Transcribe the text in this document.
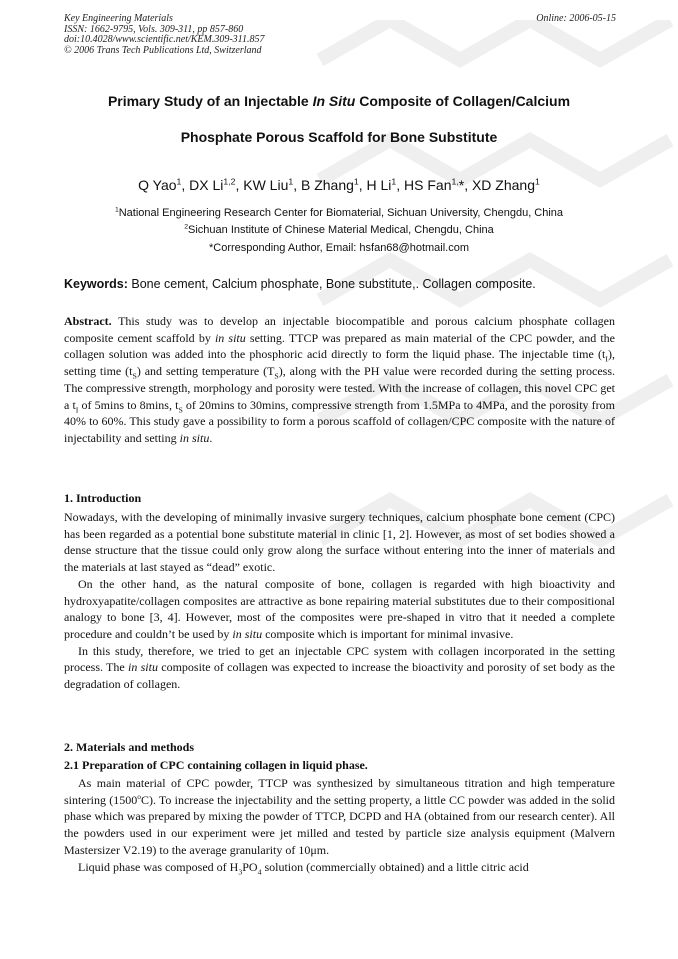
Key Engineering Materials
ISSN: 1662-9795, Vols. 309-311, pp 857-860
doi:10.4028/www.scientific.net/KEM.309-311.857
© 2006 Trans Tech Publications Ltd, Switzerland
Online: 2006-05-15
Primary Study of an Injectable In Situ Composite of Collagen/Calcium
Phosphate Porous Scaffold for Bone Substitute
Q Yao$^1$, DX Li$^{1,2}$, KW Liu$^1$, B Zhang$^1$, H Li$^1$, HS Fan$^{1,}$*, XD Zhang$^1$
$^1$National Engineering Research Center for Biomaterial, Sichuan University, Chengdu, China
$^2$Sichuan Institute of Chinese Material Medical, Chengdu, China
*Corresponding Author, Email: hsfan68@hotmail.com
Keywords: Bone cement, Calcium phosphate, Bone substitute,. Collagen composite.

Abstract. This study was to develop an injectable biocompatible and porous calcium phosphate collagen composite cement scaffold by in situ setting. TTCP was prepared as main material of the CPC powder, and the collagen solution was added into the phosphoric acid directly to form the liquid phase. The injectable time $(t_I)$, setting time $(t_S)$ and setting temperature $(T_S)$, along with the PH value were recorded during the setting process. The compressive strength, morphology and porosity were tested. With the increase of collagen, this novel CPC get a $t_I$ of 5mins to 8mins, $t_S$ of 20mins to 30mins, compressive strength from 1.5MPa to 4MPa, and the porosity from 40% to 60%. This study gave a possibility to form a porous scaffold of collagen/CPC composite with the nature of injectability and setting in situ.

1. Introduction

Nowadays, with the developing of minimally invasive surgery techniques, calcium phosphate bone cement (CPC) has been regarded as a potential bone substitute material in clinic [1, 2]. However, as most of set bodies showed a dense structure that the tissue could only grow along the surface without entering into the inner of materials and the materials at last stayed as “dead” exotic.

On the other hand, as the natural composite of bone, collagen is regarded with high bioactivity and hydroxyapatite/collagen composites are attractive as bone repairing material substitutes due to their compositional analogy to bone [3, 4]. However, most of the composites were pre-shaped in vitro that it needed a complete procedure and couldn’t be used by in situ composite which is important for minimal invasive.

In this study, therefore, we tried to get an injectable CPC system with collagen incorporated in the setting process. The in situ composite of collagen was expected to increase the bioactivity and porosity of set body as the degradation of collagen.

2. Materials and methods
2.1 Preparation of CPC containing collagen in liquid phase.

As main material of CPC powder, TTCP was synthesized by simultaneous titration and high temperature sintering (1500$^o$C). To increase the injectability and the setting property, a little CC powder was added in the solid phase which was prepared by mixing the powder of TTCP, DCPD and HA (obtained from our research center). All the powders used in our experiment were jet milled and tested by particle size analysis equipment (Malvern Mastersizer V2.19) to the average granularity of 10μm.

Liquid phase was composed of $H_3PO_4$ solution (commercially obtained) and a little citric acid
